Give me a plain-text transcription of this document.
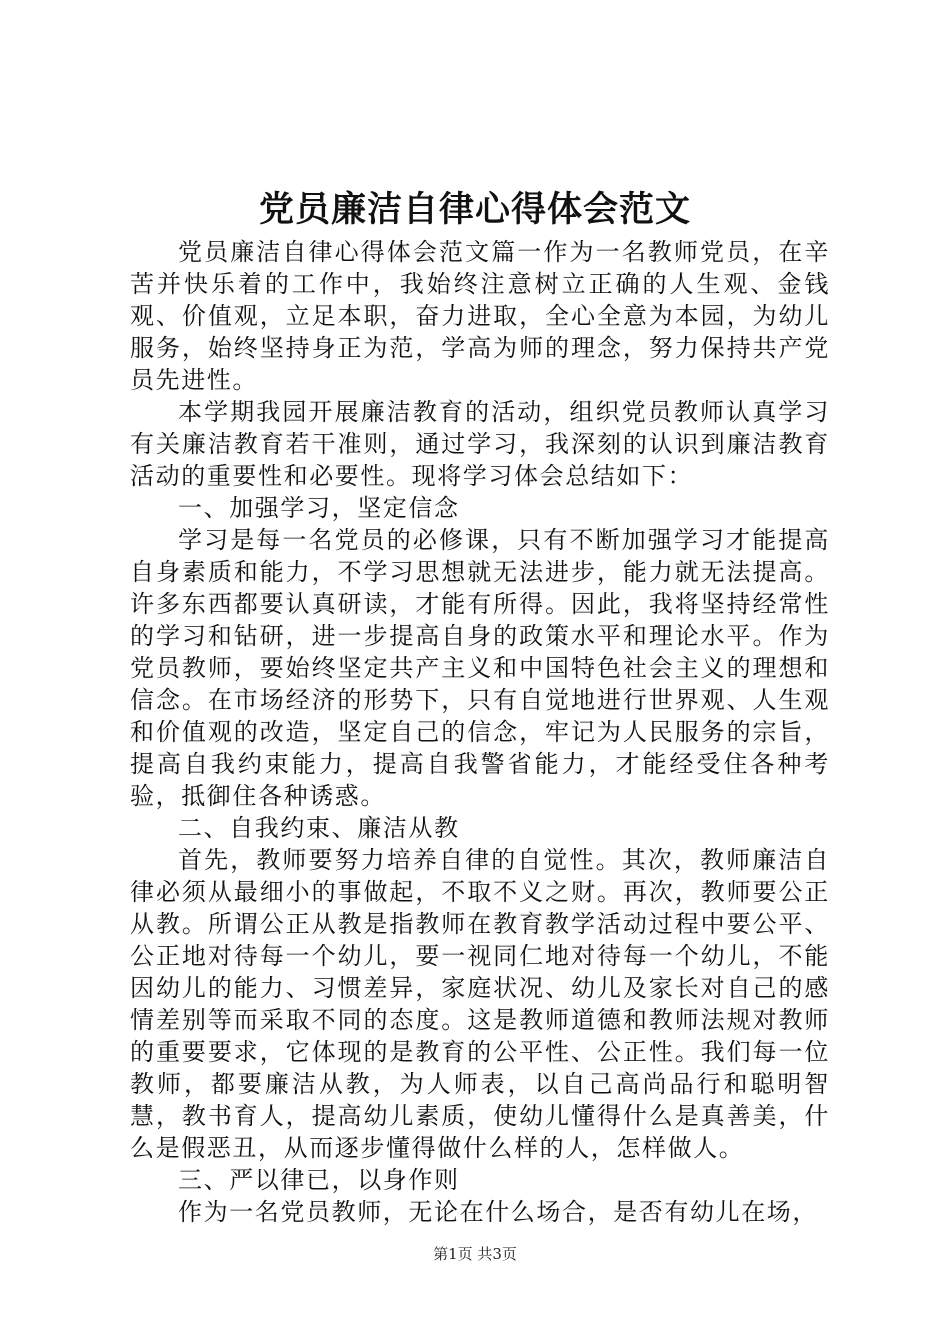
党员廉洁自律心得体会范文

党员廉洁自律心得体会范文篇一作为一名教师党员，在辛苦并快乐着的工作中，我始终注意树立正确的人生观、金钱观、价值观，立足本职，奋力进取，全心全意为本园，为幼儿服务，始终坚持身正为范，学高为师的理念，努力保持共产党员先进性。

本学期我园开展廉洁教育的活动，组织党员教师认真学习有关廉洁教育若干准则，通过学习，我深刻的认识到廉洁教育活动的重要性和必要性。现将学习体会总结如下：

一、加强学习，坚定信念

学习是每一名党员的必修课，只有不断加强学习才能提高自身素质和能力，不学习思想就无法进步，能力就无法提高。许多东西都要认真研读，才能有所得。因此，我将坚持经常性的学习和钻研，进一步提高自身的政策水平和理论水平。作为党员教师，要始终坚定共产主义和中国特色社会主义的理想和信念。在市场经济的形势下，只有自觉地进行世界观、人生观和价值观的改造，坚定自己的信念，牢记为人民服务的宗旨，提高自我约束能力，提高自我警省能力，才能经受住各种考验，抵御住各种诱惑。

二、自我约束、廉洁从教

首先，教师要努力培养自律的自觉性。其次，教师廉洁自律必须从最细小的事做起，不取不义之财。再次，教师要公正从教。所谓公正从教是指教师在教育教学活动过程中要公平、公正地对待每一个幼儿，要一视同仁地对待每一个幼儿，不能因幼儿的能力、习惯差异，家庭状况、幼儿及家长对自己的感情差别等而采取不同的态度。这是教师道德和教师法规对教师的重要要求，它体现的是教育的公平性、公正性。我们每一位教师，都要廉洁从教，为人师表，以自己高尚品行和聪明智慧，教书育人，提高幼儿素质，使幼儿懂得什么是真善美，什么是假恶丑，从而逐步懂得做什么样的人，怎样做人。

三、严以律已，以身作则

作为一名党员教师，无论在什么场合，是否有幼儿在场，

第1页 共3页
